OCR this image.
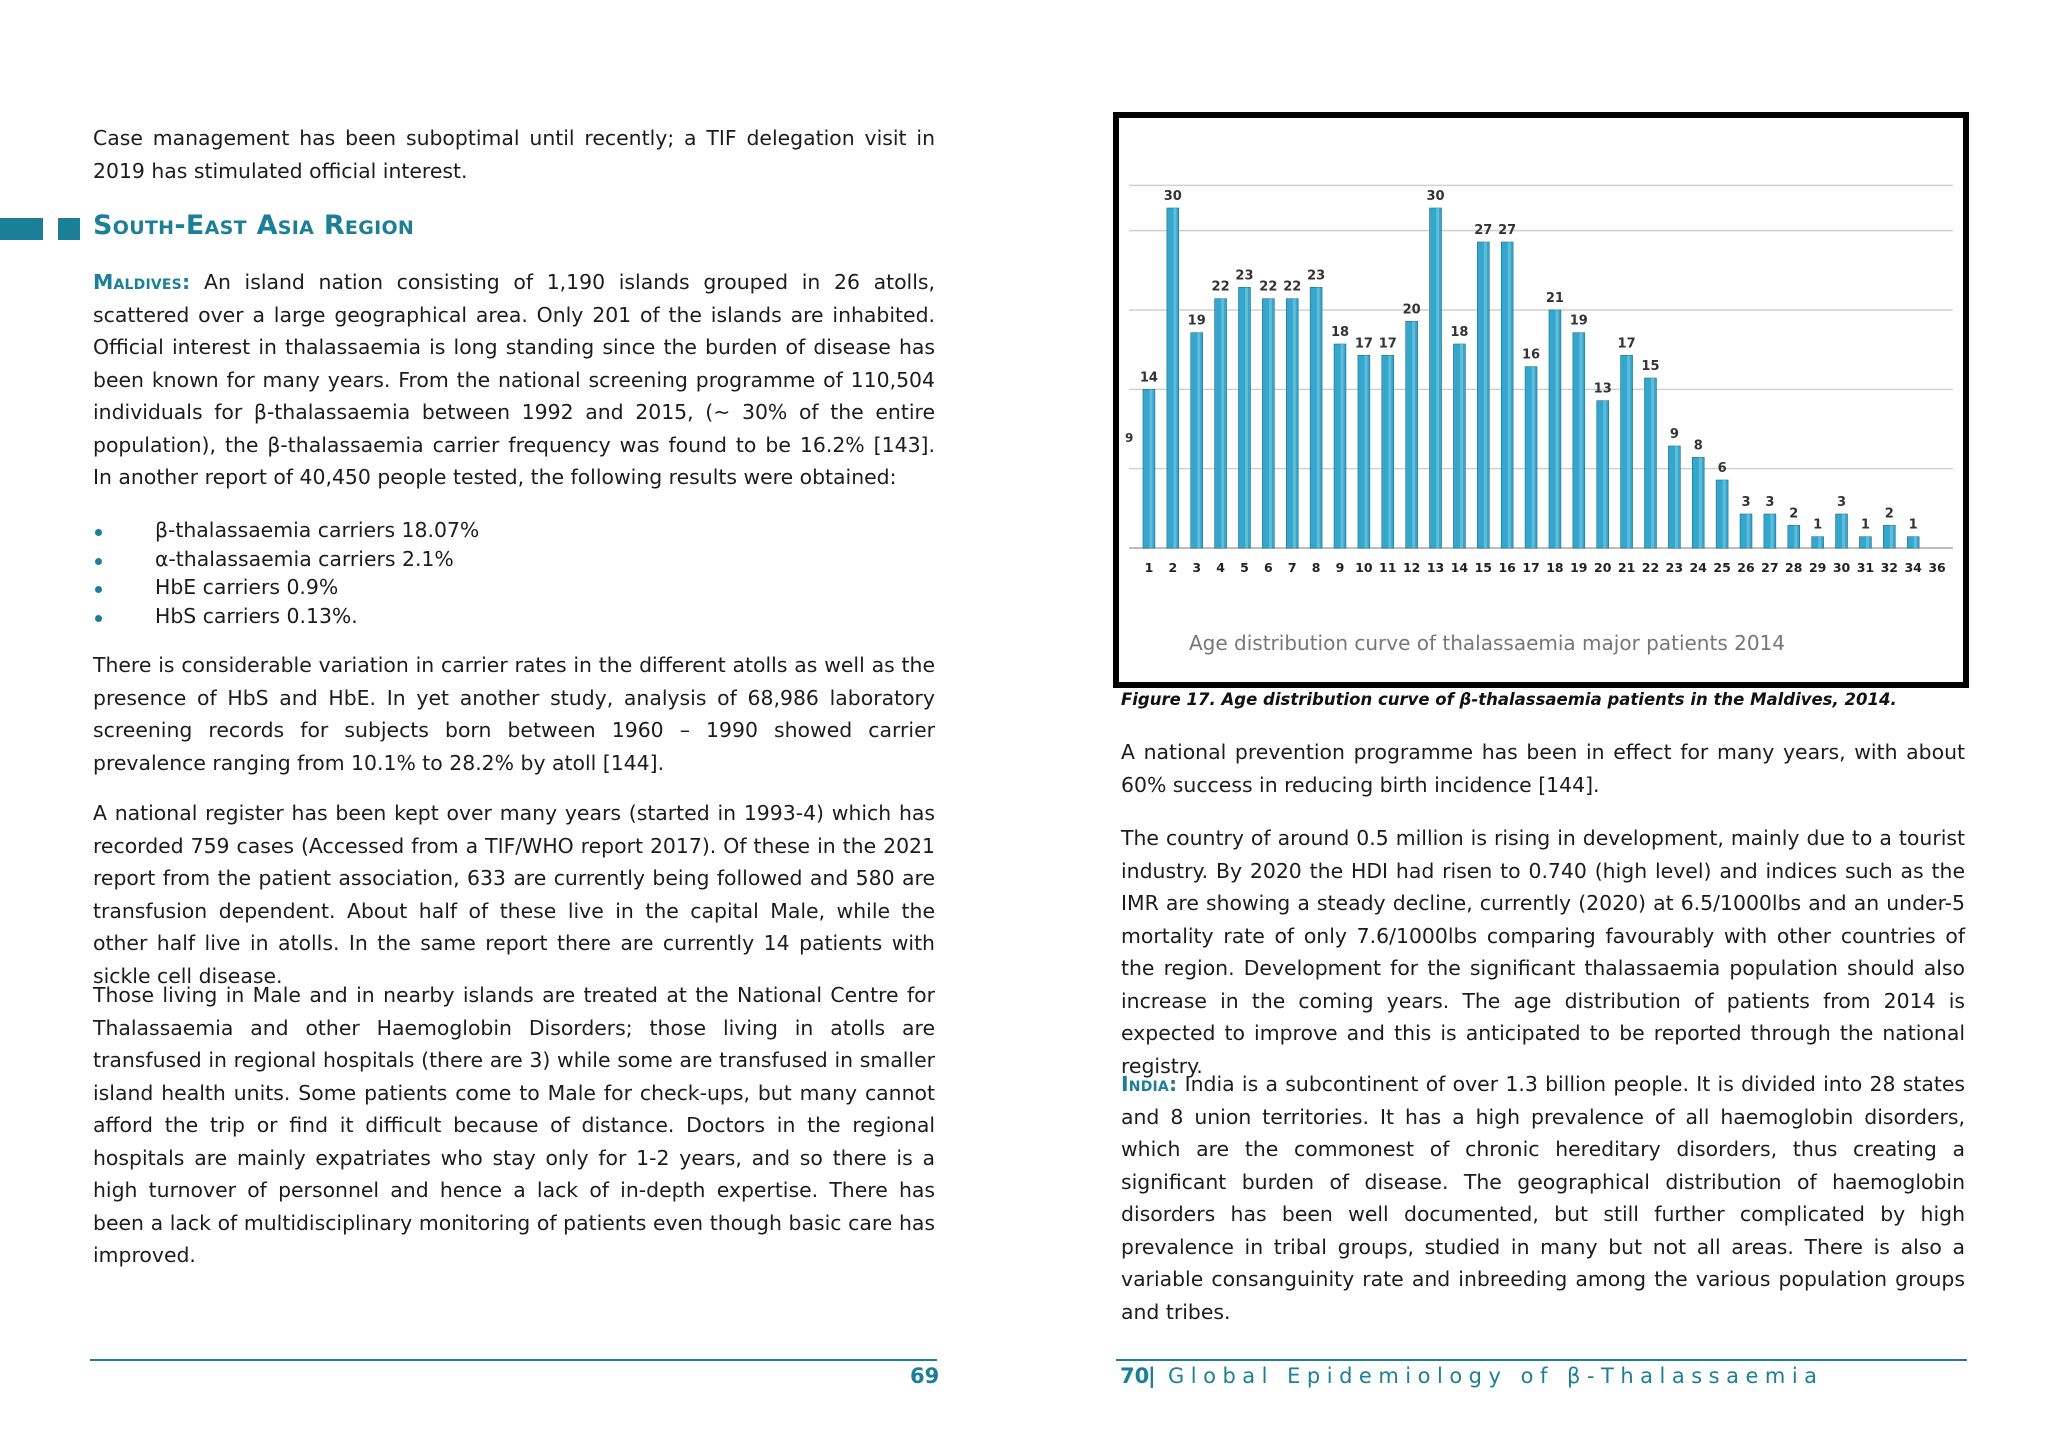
Case management has been suboptimal until recently; a TIF delegation visit in 2019 has stimulated official interest.

South-East Asia Region

Maldives: An island nation consisting of 1,190 islands grouped in 26 atolls, scattered over a large geographical area. Only 201 of the islands are inhabited. Official interest in thalassaemia is long standing since the burden of disease has been known for many years. From the national screening programme of 110,504 individuals for β-thalassaemia between 1992 and 2015, (~ 30% of the entire population), the β-thalassaemia carrier frequency was found to be 16.2% [143]. In another report of 40,450 people tested, the following results were obtained:

β-thalassaemia carriers 18.07%
α-thalassaemia carriers 2.1%
HbE carriers 0.9%
HbS carriers 0.13%.

There is considerable variation in carrier rates in the different atolls as well as the presence of HbS and HbE. In yet another study, analysis of 68,986 laboratory screening records for subjects born between 1960 – 1990 showed carrier prevalence ranging from 10.1% to 28.2% by atoll [144].

A national register has been kept over many years (started in 1993-4) which has recorded 759 cases (Accessed from a TIF/WHO report 2017). Of these in the 2021 report from the patient association, 633 are currently being followed and 580 are transfusion dependent. About half of these live in the capital Male, while the other half live in atolls. In the same report there are currently 14 patients with sickle cell disease.

Those living in Male and in nearby islands are treated at the National Centre for Thalassaemia and other Haemoglobin Disorders; those living in atolls are transfused in regional hospitals (there are 3) while some are transfused in smaller island health units. Some patients come to Male for check-ups, but many cannot afford the trip or find it difficult because of distance. Doctors in the regional hospitals are mainly expatriates who stay only for 1-2 years, and so there is a high turnover of personnel and hence a lack of in-depth expertise. There has been a lack of multidisciplinary monitoring of patients even though basic care has improved.

69
9
14
30
19
22
23
22 22
23
18
17 17
20
30
18
27 27
16
21
19
13
17
15
9
8
6
3 3
2
1
3
1
2
1
1 2 3 4 5 6 7 8 9 10 11 12 13 14 15 16 17 18 19 20 21 22 23 24 25 26 27 28 29 30 31 32 34 36
Age distribution curve of thalassaemia major patients 2014
Figure 17. Age distribution curve of β-thalassaemia patients in the Maldives, 2014.

A national prevention programme has been in effect for many years, with about 60% success in reducing birth incidence [144].

The country of around 0.5 million is rising in development, mainly due to a tourist industry. By 2020 the HDI had risen to 0.740 (high level) and indices such as the IMR are showing a steady decline, currently (2020) at 6.5/1000lbs and an under-5 mortality rate of only 7.6/1000lbs comparing favourably with other countries of the region. Development for the significant thalassaemia population should also increase in the coming years. The age distribution of patients from 2014 is expected to improve and this is anticipated to be reported through the national registry.

India: India is a subcontinent of over 1.3 billion people. It is divided into 28 states and 8 union territories. It has a high prevalence of all haemoglobin disorders, which are the commonest of chronic hereditary disorders, thus creating a significant burden of disease. The geographical distribution of haemoglobin disorders has been well documented, but still further complicated by high prevalence in tribal groups, studied in many but not all areas. There is also a variable consanguinity rate and inbreeding among the various population groups and tribes.

70
| Global Epidemiology of β-Thalassaemia
